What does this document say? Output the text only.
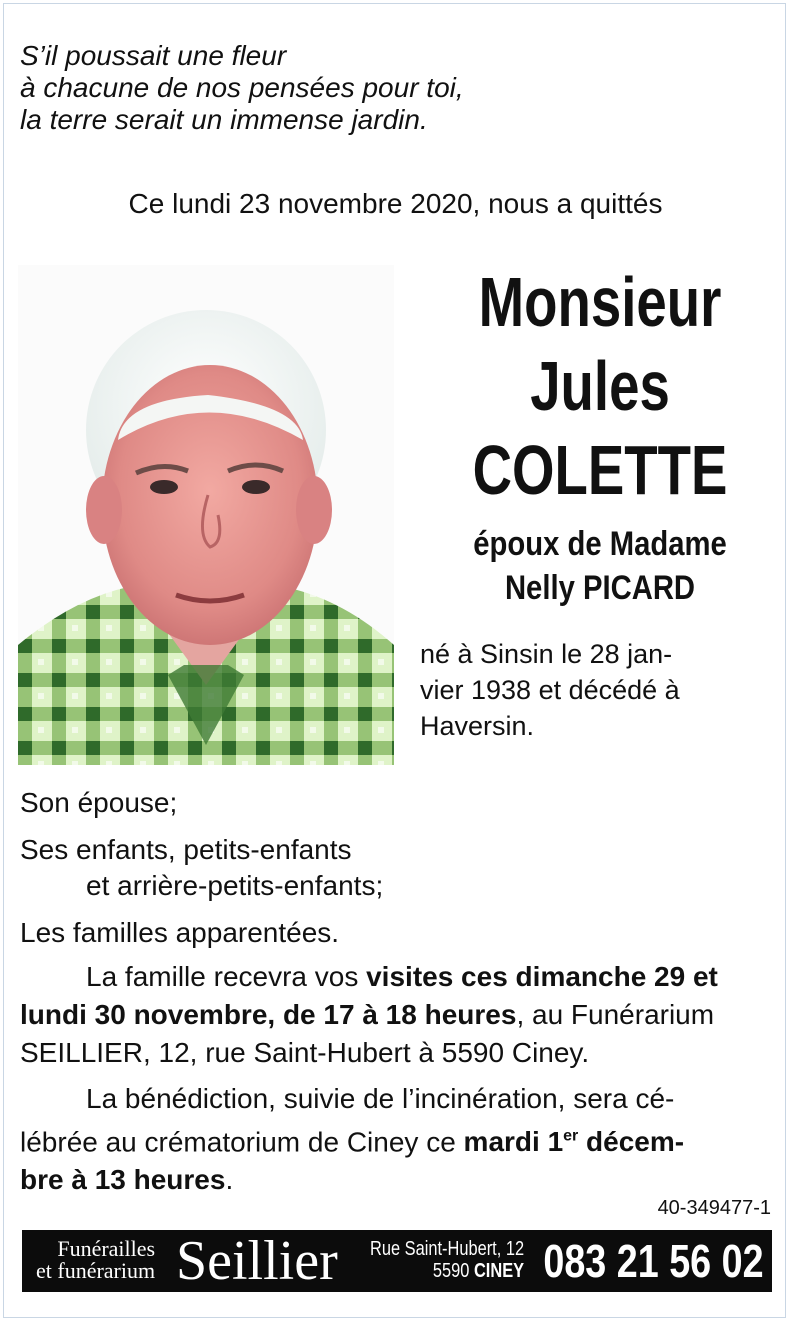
S’il poussait une fleur
à chacune de nos pensées pour toi,
la terre serait un immense jardin.
Ce lundi 23 novembre 2020, nous a quittés
Monsieur
Jules
COLETTE
époux de Madame
Nelly PICARD
né à Sinsin le 28 jan-
vier 1938 et décédé à
Haversin.
Son épouse;
Ses enfants, petits-enfants
et arrière-petits-enfants;
Les familles apparentées.
La famille recevra vos visites ces dimanche 29 et
lundi 30 novembre, de 17 à 18 heures, au Funérarium
SEILLIER, 12, rue Saint-Hubert à 5590 Ciney.
La bénédiction, suivie de l’incinération, sera cé-
lébrée au crématorium de Ciney ce mardi 1er décem-
bre à 13 heures.
40-349477-1
Funérailles
et funérarium Seillier Rue Saint-Hubert, 12
5590 CINEY 083 21 56 02
